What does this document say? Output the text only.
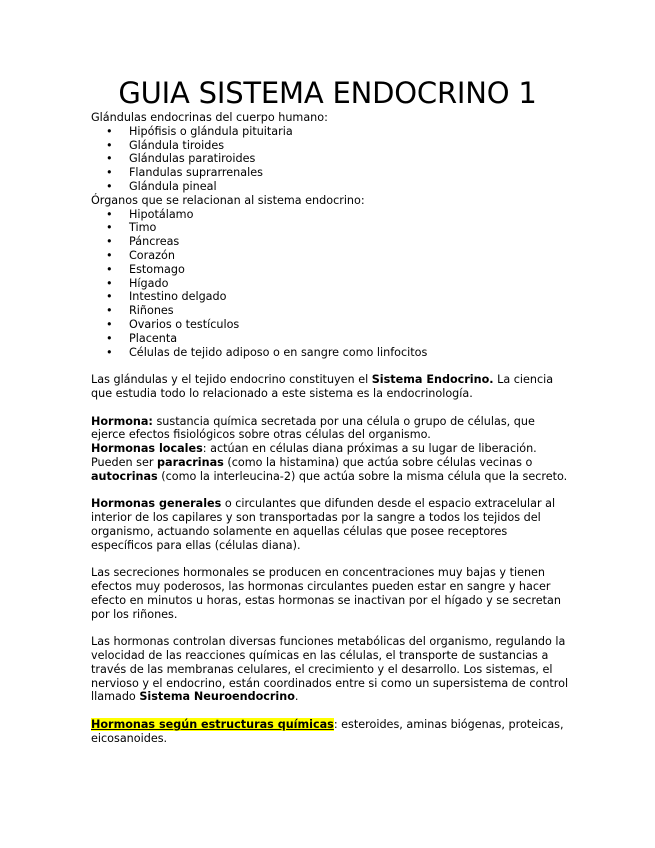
GUIA SISTEMA ENDOCRINO 1

Glándulas endocrinas del cuerpo humano:

• Hipófisis o glándula pituitaria
• Glándula tiroides
• Glándulas paratiroides
• Flandulas suprarrenales
• Glándula pineal

Órganos que se relacionan al sistema endocrino:

• Hipotálamo
• Timo
• Páncreas
• Corazón
• Estomago
• Hígado
• Intestino delgado
• Riñones
• Ovarios o testículos
• Placenta
• Células de tejido adiposo o en sangre como linfocitos

Las glándulas y el tejido endocrino constituyen el Sistema Endocrino. La ciencia que estudia todo lo relacionado a este sistema es la endocrinología.

Hormona: sustancia química secretada por una célula o grupo de células, que ejerce efectos fisiológicos sobre otras células del organismo.
Hormonas locales: actúan en células diana próximas a su lugar de liberación. Pueden ser paracrinas (como la histamina) que actúa sobre células vecinas o autocrinas (como la interleucina-2) que actúa sobre la misma célula que la secreto.

Hormonas generales o circulantes que difunden desde el espacio extracelular al interior de los capilares y son transportadas por la sangre a todos los tejidos del organismo, actuando solamente en aquellas células que posee receptores específicos para ellas (células diana).

Las secreciones hormonales se producen en concentraciones muy bajas y tienen efectos muy poderosos, las hormonas circulantes pueden estar en sangre y hacer efecto en minutos u horas, estas hormonas se inactivan por el hígado y se secretan por los riñones.

Las hormonas controlan diversas funciones metabólicas del organismo, regulando la velocidad de las reacciones químicas en las células, el transporte de sustancias a través de las membranas celulares, el crecimiento y el desarrollo. Los sistemas, el nervioso y el endocrino, están coordinados entre si como un supersistema de control llamado Sistema Neuroendocrino.

Hormonas según estructuras químicas: esteroides, aminas biógenas, proteicas, eicosanoides.
